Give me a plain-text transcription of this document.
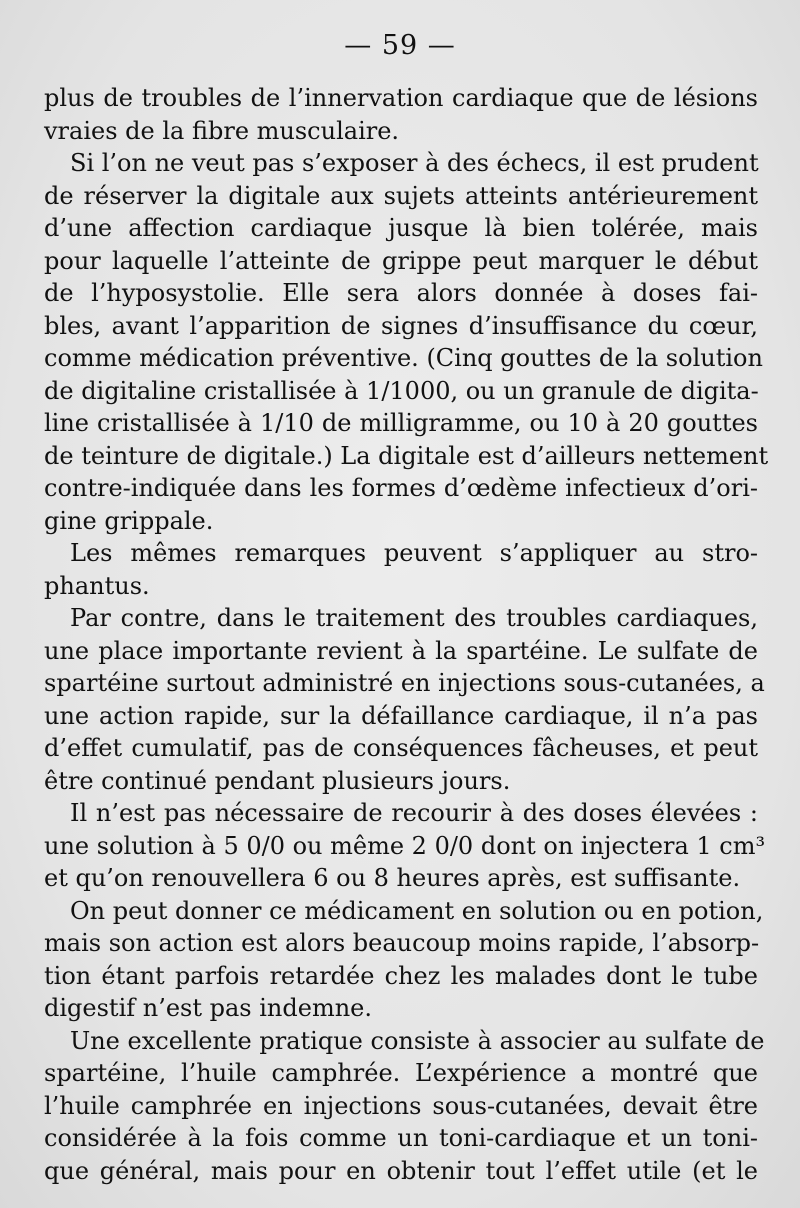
— 59 —
plus de troubles de l’innervation cardiaque que de lésions
vraies de la fibre musculaire.
Si l’on ne veut pas s’exposer à des échecs, il est prudent
de réserver la digitale aux sujets atteints antérieurement
d’une affection cardiaque jusque là bien tolérée, mais
pour laquelle l’atteinte de grippe peut marquer le début
de l’hyposystolie. Elle sera alors donnée à doses fai-
bles, avant l’apparition de signes d’insuffisance du cœur,
comme médication préventive. (Cinq gouttes de la solution
de digitaline cristallisée à 1/1000, ou un granule de digita-
line cristallisée à 1/10 de milligramme, ou 10 à 20 gouttes
de teinture de digitale.) La digitale est d’ailleurs nettement
contre-indiquée dans les formes d’œdème infectieux d’ori-
gine grippale.
Les mêmes remarques peuvent s’appliquer au stro-
phantus.
Par contre, dans le traitement des troubles cardiaques,
une place importante revient à la spartéine. Le sulfate de
spartéine surtout administré en injections sous-cutanées, a
une action rapide, sur la défaillance cardiaque, il n’a pas
d’effet cumulatif, pas de conséquences fâcheuses, et peut
être continué pendant plusieurs jours.
Il n’est pas nécessaire de recourir à des doses élevées :
une solution à 5 0/0 ou même 2 0/0 dont on injectera 1 cm³
et qu’on renouvellera 6 ou 8 heures après, est suffisante.
On peut donner ce médicament en solution ou en potion,
mais son action est alors beaucoup moins rapide, l’absorp-
tion étant parfois retardée chez les malades dont le tube
digestif n’est pas indemne.
Une excellente pratique consiste à associer au sulfate de
spartéine, l’huile camphrée. L’expérience a montré que
l’huile camphrée en injections sous-cutanées, devait être
considérée à la fois comme un toni-cardiaque et un toni-
que général, mais pour en obtenir tout l’effet utile (et le
